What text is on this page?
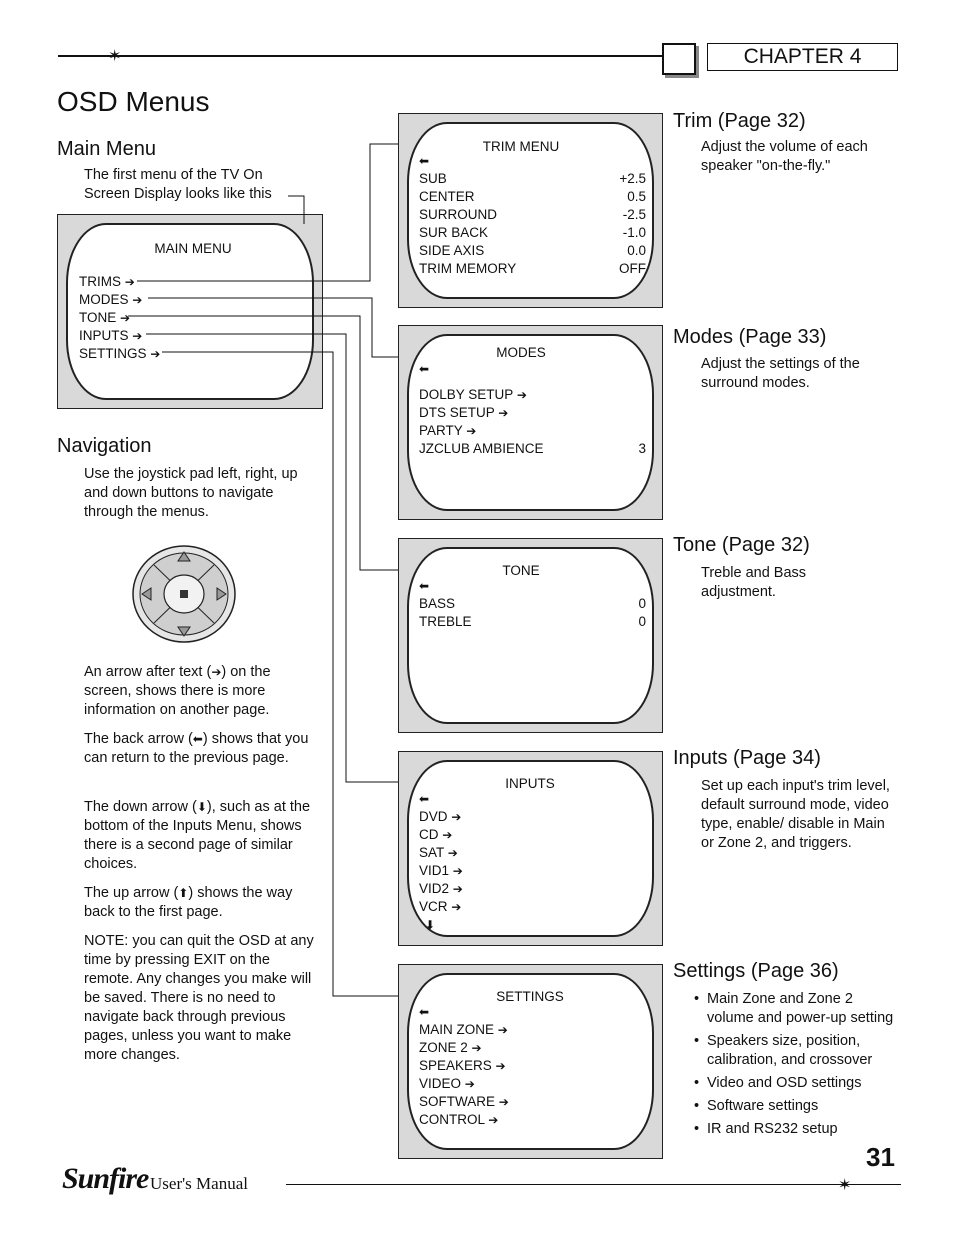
✶	CHAPTER 4
OSD Menus
Main Menu
The first menu of the TV On Screen Display looks like this
MAIN MENU
TRIMS ➔
MODES ➔
TONE ➔
INPUTS ➔
SETTINGS ➔
Navigation
Use the joystick pad left, right, up and down buttons to navigate through the menus.
An arrow after text (➔) on the screen, shows there is more information on another page.
The back arrow (⬅) shows that you can return to the previous page.
The down arrow (⬇), such as at the bottom of the Inputs Menu, shows there is a second page of similar choices.
The up arrow (⬆) shows the way back to the first page.
NOTE: you can quit the OSD at any time by pressing EXIT on the remote. Any changes you make will be saved. There is no need to navigate back through previous pages, unless you want to make more changes.
TRIM MENU
⬅
SUB	+2.5
CENTER	0.5
SURROUND	-2.5
SUR BACK	-1.0
SIDE AXIS	0.0
TRIM MEMORY	OFF
Trim (Page 32)
Adjust the volume of each speaker "on-the-fly."
MODES
⬅
DOLBY SETUP ➔
DTS SETUP ➔
PARTY ➔
JZCLUB AMBIENCE	3
Modes (Page 33)
Adjust the settings of the surround modes.
TONE
⬅
BASS	0
TREBLE	0
Tone (Page 32)
Treble and Bass adjustment.
INPUTS
⬅
DVD ➔
CD ➔
SAT ➔
VID1 ➔
VID2 ➔
VCR ➔
⬇
Inputs (Page 34)
Set up each input's trim level, default surround mode, video type, enable/ disable in Main or Zone 2, and triggers.
SETTINGS
⬅
MAIN ZONE ➔
ZONE 2 ➔
SPEAKERS ➔
VIDEO ➔
SOFTWARE ➔
CONTROL ➔
Settings (Page 36)
• Main Zone and Zone 2 volume and power-up setting
• Speakers size, position, calibration, and crossover
• Video and OSD settings
• Software settings
• IR and RS232 setup
31
Sunfire User's Manual	✶
